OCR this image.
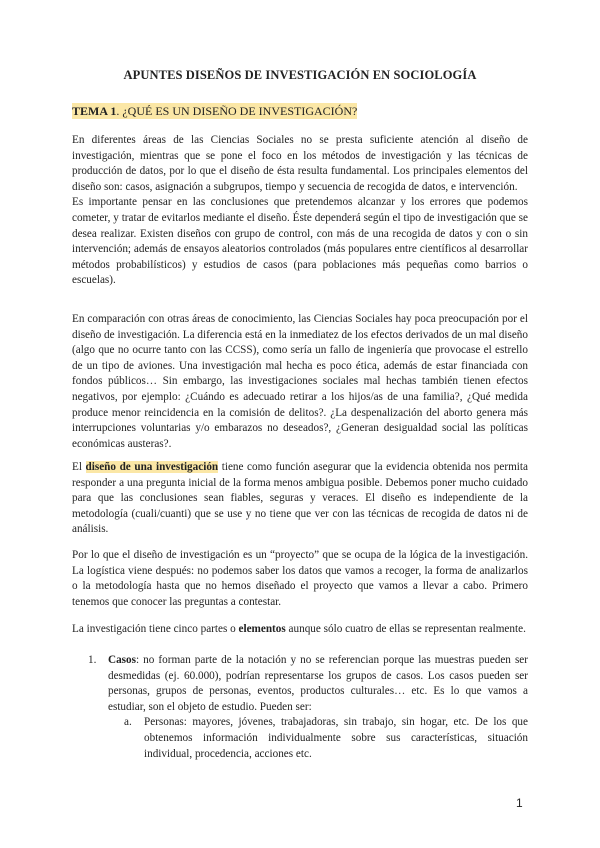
APUNTES DISEÑOS DE INVESTIGACIÓN EN SOCIOLOGÍA
TEMA 1. ¿QUÉ ES UN DISEÑO DE INVESTIGACIÓN?

En diferentes áreas de las Ciencias Sociales no se presta suficiente atención al diseño de investigación, mientras que se pone el foco en los métodos de investigación y las técnicas de producción de datos, por lo que el diseño de ésta resulta fundamental. Los principales elementos del diseño son: casos, asignación a subgrupos, tiempo y secuencia de recogida de datos, e intervención.

Es importante pensar en las conclusiones que pretendemos alcanzar y los errores que podemos cometer, y tratar de evitarlos mediante el diseño. Éste dependerá según el tipo de investigación que se desea realizar. Existen diseños con grupo de control, con más de una recogida de datos y con o sin intervención; además de ensayos aleatorios controlados (más populares entre científicos al desarrollar métodos probabilísticos) y estudios de casos (para poblaciones más pequeñas como barrios o escuelas).

En comparación con otras áreas de conocimiento, las Ciencias Sociales hay poca preocupación por el diseño de investigación. La diferencia está en la inmediatez de los efectos derivados de un mal diseño (algo que no ocurre tanto con las CCSS), como sería un fallo de ingeniería que provocase el estrello de un tipo de aviones. Una investigación mal hecha es poco ética, además de estar financiada con fondos públicos… Sin embargo, las investigaciones sociales mal hechas también tienen efectos negativos, por ejemplo: ¿Cuándo es adecuado retirar a los hijos/as de una familia?, ¿Qué medida produce menor reincidencia en la comisión de delitos?. ¿La despenalización del aborto genera más interrupciones voluntarias y/o embarazos no deseados?, ¿Generan desigualdad social las políticas económicas austeras?.

El diseño de una investigación tiene como función asegurar que la evidencia obtenida nos permita responder a una pregunta inicial de la forma menos ambigua posible. Debemos poner mucho cuidado para que las conclusiones sean fiables, seguras y veraces. El diseño es independiente de la metodología (cuali/cuanti) que se use y no tiene que ver con las técnicas de recogida de datos ni de análisis.

Por lo que el diseño de investigación es un “proyecto” que se ocupa de la lógica de la investigación. La logística viene después: no podemos saber los datos que vamos a recoger, la forma de analizarlos o la metodología hasta que no hemos diseñado el proyecto que vamos a llevar a cabo. Primero tenemos que conocer las preguntas a contestar.

La investigación tiene cinco partes o elementos aunque sólo cuatro de ellas se representan realmente.

1. Casos: no forman parte de la notación y no se referencian porque las muestras pueden ser desmedidas (ej. 60.000), podrían representarse los grupos de casos. Los casos pueden ser personas, grupos de personas, eventos, productos culturales… etc. Es lo que vamos a estudiar, son el objeto de estudio. Pueden ser:
a. Personas: mayores, jóvenes, trabajadoras, sin trabajo, sin hogar, etc. De los que obtenemos información individualmente sobre sus características, situación individual, procedencia, acciones etc.
1
